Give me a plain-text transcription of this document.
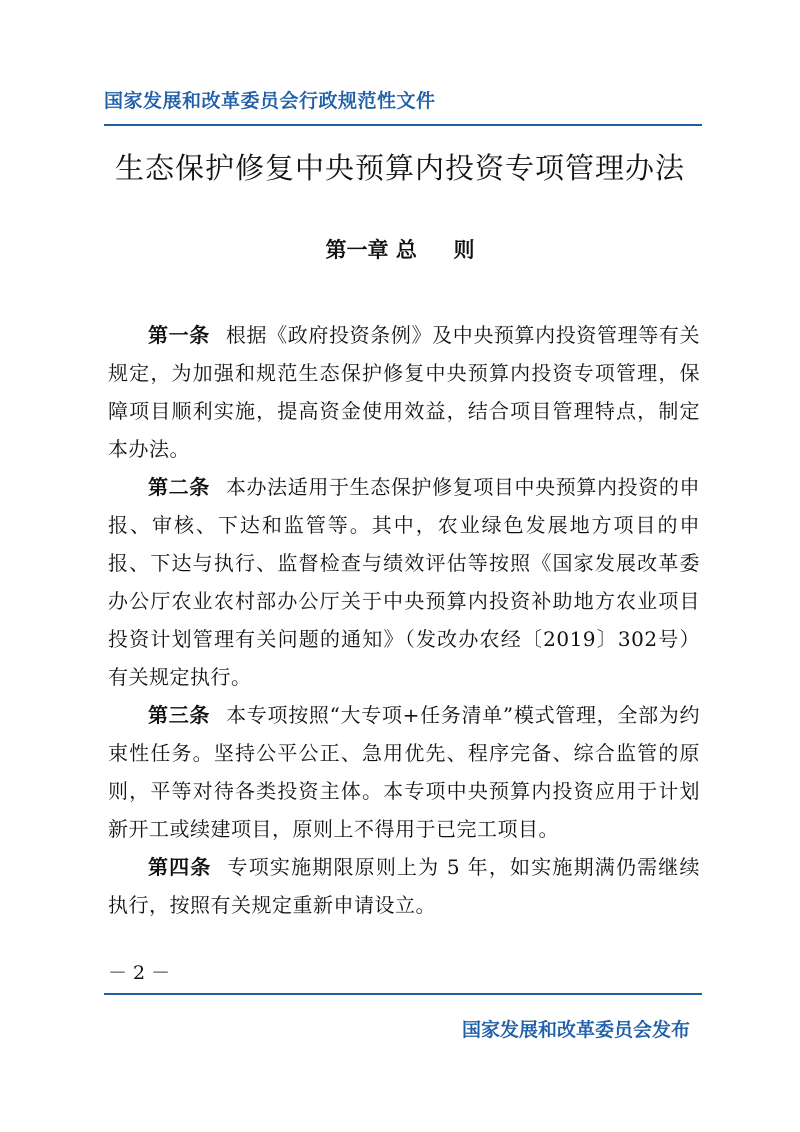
国家发展和改革委员会行政规范性文件
生态保护修复中央预算内投资专项管理办法
第一章 总 则

第一条 根据《政府投资条例》及中央预算内投资管理等有关规定，为加强和规范生态保护修复中央预算内投资专项管理，保障项目顺利实施，提高资金使用效益，结合项目管理特点，制定本办法。

第二条 本办法适用于生态保护修复项目中央预算内投资的申报、审核、下达和监管等。其中，农业绿色发展地方项目的申报、下达与执行、监督检查与绩效评估等按照《国家发展改革委办公厅农业农村部办公厅关于中央预算内投资补助地方农业项目投资计划管理有关问题的通知》（发改办农经〔2019〕302号）有关规定执行。

第三条 本专项按照“大专项+任务清单”模式管理，全部为约束性任务。坚持公平公正、急用优先、程序完备、综合监管的原则，平等对待各类投资主体。本专项中央预算内投资应用于计划新开工或续建项目，原则上不得用于已完工项目。

第四条 专项实施期限原则上为 5 年，如实施期满仍需继续执行，按照有关规定重新申请设立。

－ 2 －
国家发展和改革委员会发布
